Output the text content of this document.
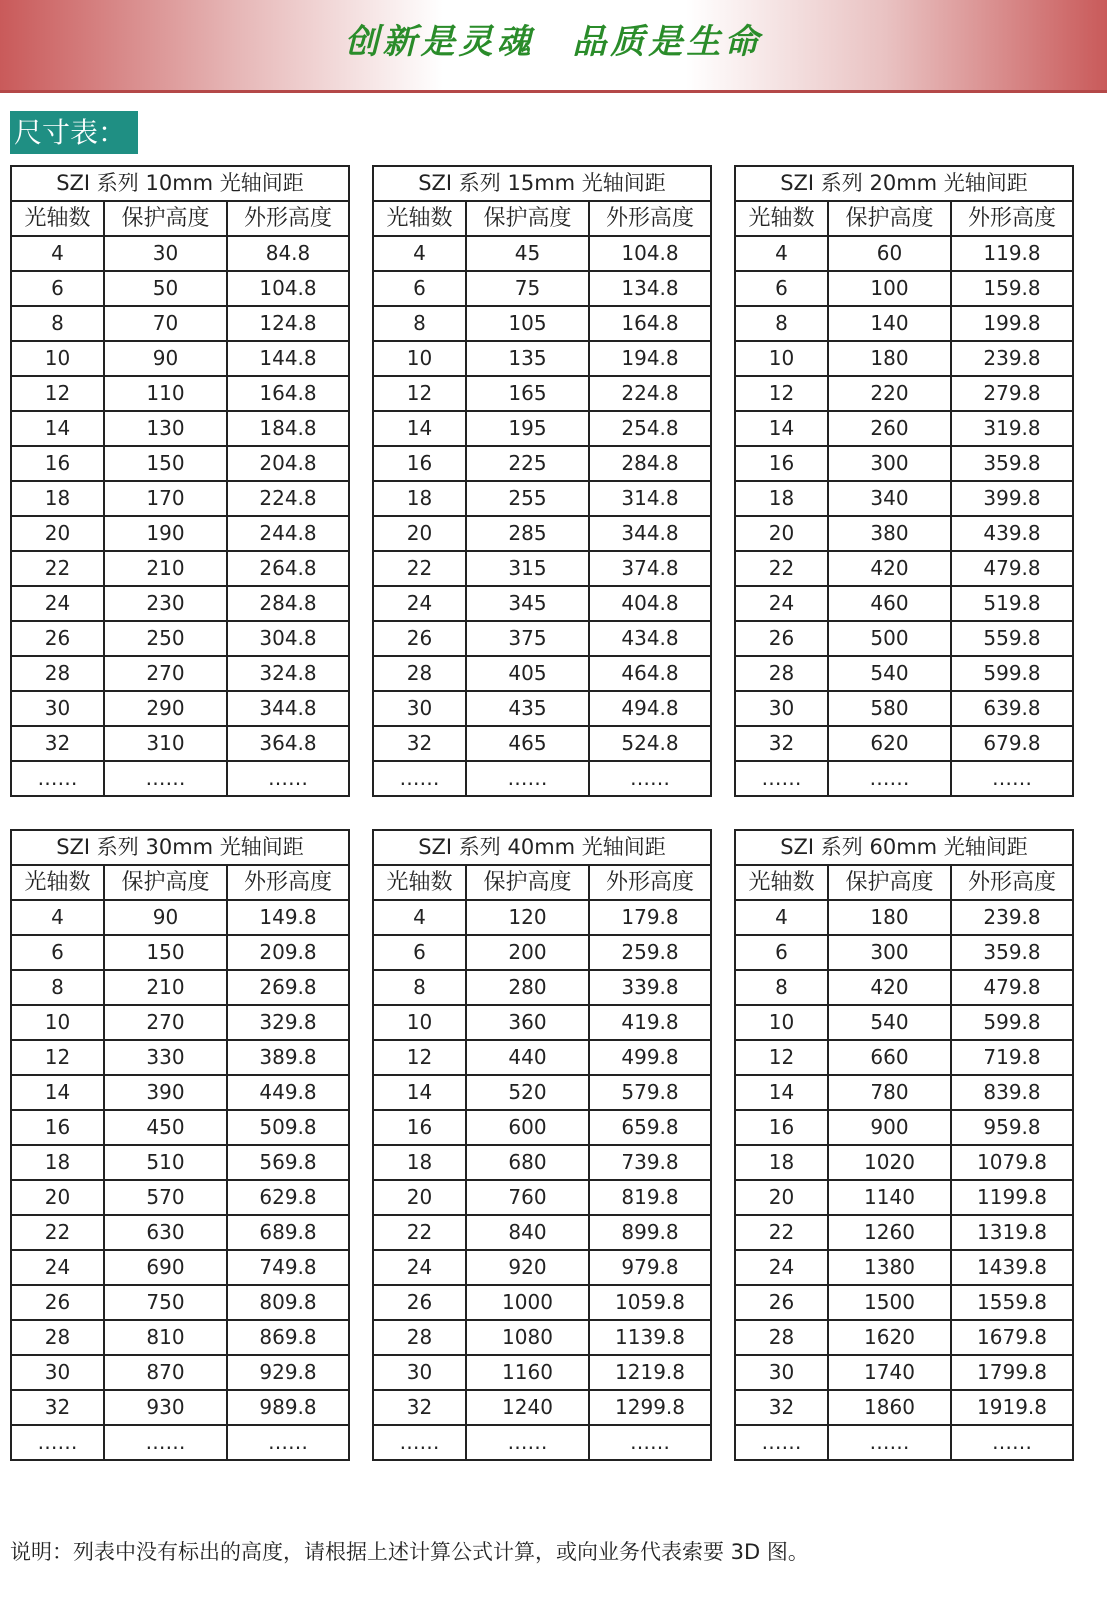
创新是灵魂 品质是生命
尺寸表：
SZI 系列 10mm 光轴间距		
光轴数	保护高度	外形高度
4	30	84.8
6	50	104.8
8	70	124.8
10	90	144.8
12	110	164.8
14	130	184.8
16	150	204.8
18	170	224.8
20	190	244.8
22	210	264.8
24	230	284.8
26	250	304.8
28	270	324.8
30	290	344.8
32	310	364.8
……	……	……
SZI 系列 15mm 光轴间距		
光轴数	保护高度	外形高度
4	45	104.8
6	75	134.8
8	105	164.8
10	135	194.8
12	165	224.8
14	195	254.8
16	225	284.8
18	255	314.8
20	285	344.8
22	315	374.8
24	345	404.8
26	375	434.8
28	405	464.8
30	435	494.8
32	465	524.8
……	……	……
SZI 系列 20mm 光轴间距		
光轴数	保护高度	外形高度
4	60	119.8
6	100	159.8
8	140	199.8
10	180	239.8
12	220	279.8
14	260	319.8
16	300	359.8
18	340	399.8
20	380	439.8
22	420	479.8
24	460	519.8
26	500	559.8
28	540	599.8
30	580	639.8
32	620	679.8
……	……	……
SZI 系列 30mm 光轴间距		
光轴数	保护高度	外形高度
4	90	149.8
6	150	209.8
8	210	269.8
10	270	329.8
12	330	389.8
14	390	449.8
16	450	509.8
18	510	569.8
20	570	629.8
22	630	689.8
24	690	749.8
26	750	809.8
28	810	869.8
30	870	929.8
32	930	989.8
……	……	……
SZI 系列 40mm 光轴间距		
光轴数	保护高度	外形高度
4	120	179.8
6	200	259.8
8	280	339.8
10	360	419.8
12	440	499.8
14	520	579.8
16	600	659.8
18	680	739.8
20	760	819.8
22	840	899.8
24	920	979.8
26	1000	1059.8
28	1080	1139.8
30	1160	1219.8
32	1240	1299.8
……	……	……
SZI 系列 60mm 光轴间距		
光轴数	保护高度	外形高度
4	180	239.8
6	300	359.8
8	420	479.8
10	540	599.8
12	660	719.8
14	780	839.8
16	900	959.8
18	1020	1079.8
20	1140	1199.8
22	1260	1319.8
24	1380	1439.8
26	1500	1559.8
28	1620	1679.8
30	1740	1799.8
32	1860	1919.8
……	……	……
说明：列表中没有标出的高度，请根据上述计算公式计算，或向业务代表索要 3D 图。
